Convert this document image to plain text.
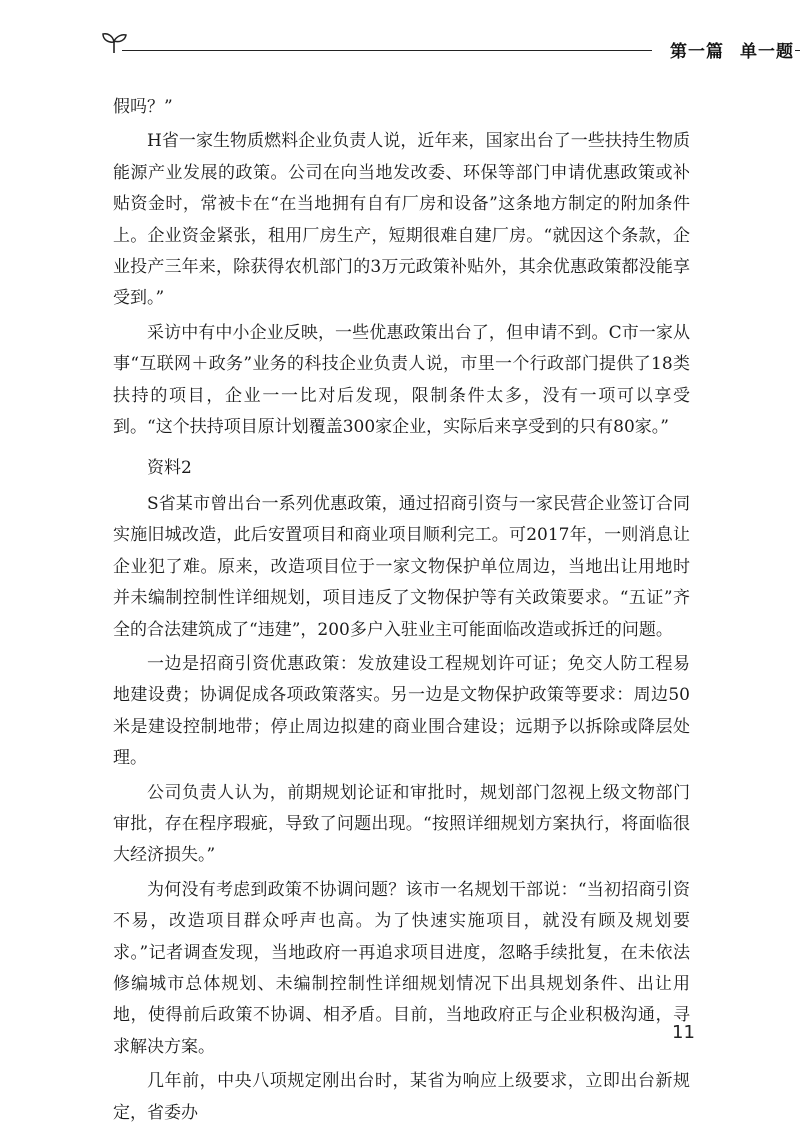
第一篇 单一题

假吗？”

H省一家生物质燃料企业负责人说，近年来，国家出台了一些扶持生物质能源产业发展的政策。公司在向当地发改委、环保等部门申请优惠政策或补贴资金时，常被卡在“在当地拥有自有厂房和设备”这条地方制定的附加条件上。企业资金紧张，租用厂房生产，短期很难自建厂房。“就因这个条款，企业投产三年来，除获得农机部门的3万元政策补贴外，其余优惠政策都没能享受到。”

采访中有中小企业反映，一些优惠政策出台了，但申请不到。C市一家从事“互联网＋政务”业务的科技企业负责人说，市里一个行政部门提供了18类扶持的项目，企业一一比对后发现，限制条件太多，没有一项可以享受到。“这个扶持项目原计划覆盖300家企业，实际后来享受到的只有80家。”

资料2

S省某市曾出台一系列优惠政策，通过招商引资与一家民营企业签订合同实施旧城改造，此后安置项目和商业项目顺利完工。可2017年，一则消息让企业犯了难。原来，改造项目位于一家文物保护单位周边，当地出让用地时并未编制控制性详细规划，项目违反了文物保护等有关政策要求。“五证”齐全的合法建筑成了“违建”，200多户入驻业主可能面临改造或拆迁的问题。

一边是招商引资优惠政策：发放建设工程规划许可证；免交人防工程易地建设费；协调促成各项政策落实。另一边是文物保护政策等要求：周边50米是建设控制地带；停止周边拟建的商业围合建设；远期予以拆除或降层处理。

公司负责人认为，前期规划论证和审批时，规划部门忽视上级文物部门审批，存在程序瑕疵，导致了问题出现。“按照详细规划方案执行，将面临很大经济损失。”

为何没有考虑到政策不协调问题？该市一名规划干部说：“当初招商引资不易，改造项目群众呼声也高。为了快速实施项目，就没有顾及规划要求。”记者调查发现，当地政府一再追求项目进度，忽略手续批复，在未依法修编城市总体规划、未编制控制性详细规划情况下出具规划条件、出让用地，使得前后政策不协调、相矛盾。目前，当地政府正与企业积极沟通，寻求解决方案。

几年前，中央八项规定刚出台时，某省为响应上级要求，立即出台新规定，省委办

11
